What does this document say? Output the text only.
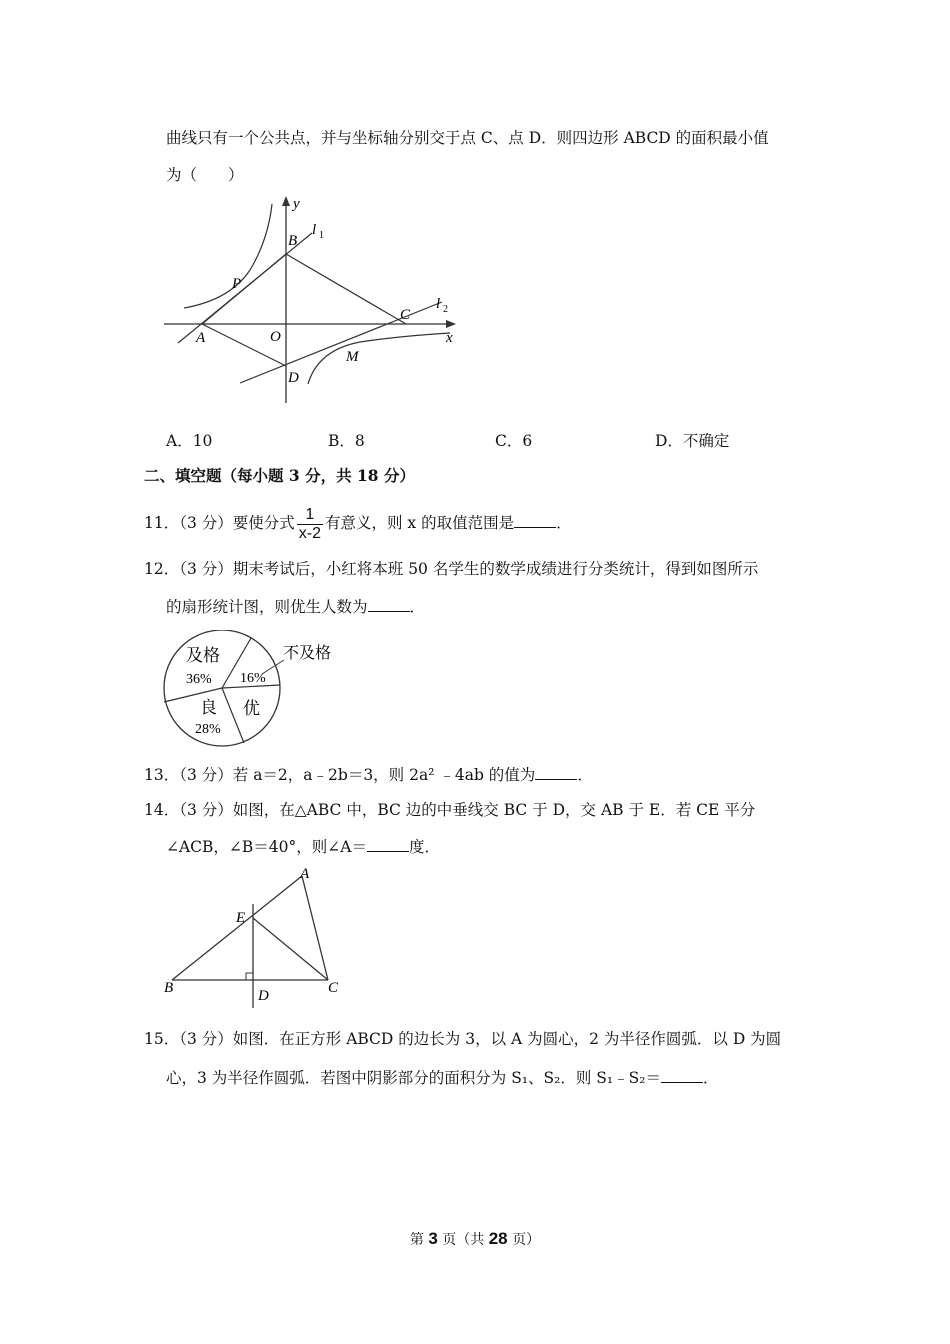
曲线只有一个公共点，并与坐标轴分别交于点 C、点 D．则四边形 ABCD 的面积最小值
为（　　）
y
x
B
l 1
P
A	O
C
l 2
M
D
A．10	B．8	C．6	D．不确定
二、填空题（每小题 3 分，共 18 分）
11．（3 分）要使分式 $\frac{1}{x-2}$ 有意义，则 x 的取值范围是	．
12．（3 分）期末考试后，小红将本班 50 名学生的数学成绩进行分类统计，得到如图所示
的扇形统计图，则优生人数为	．
及格
36% 16%
不及格
良
28%
优
13．（3 分）若 a＝2，a﹣2b＝3，则 2a² ﹣4ab 的值为	．
14．（3 分）如图，在△ABC 中，BC 边的中垂线交 BC 于 D，交 AB 于 E．若 CE 平分
∠ACB，∠B＝40°，则∠A＝	度．
A
E
B	D	C
15．（3 分）如图．在正方形 ABCD 的边长为 3，以 A 为圆心，2 为半径作圆弧．以 D 为圆
心，3 为半径作圆弧．若图中阴影部分的面积分为 S₁、S₂．则 S₁﹣S₂＝	．
第 3 页（共 28 页）
